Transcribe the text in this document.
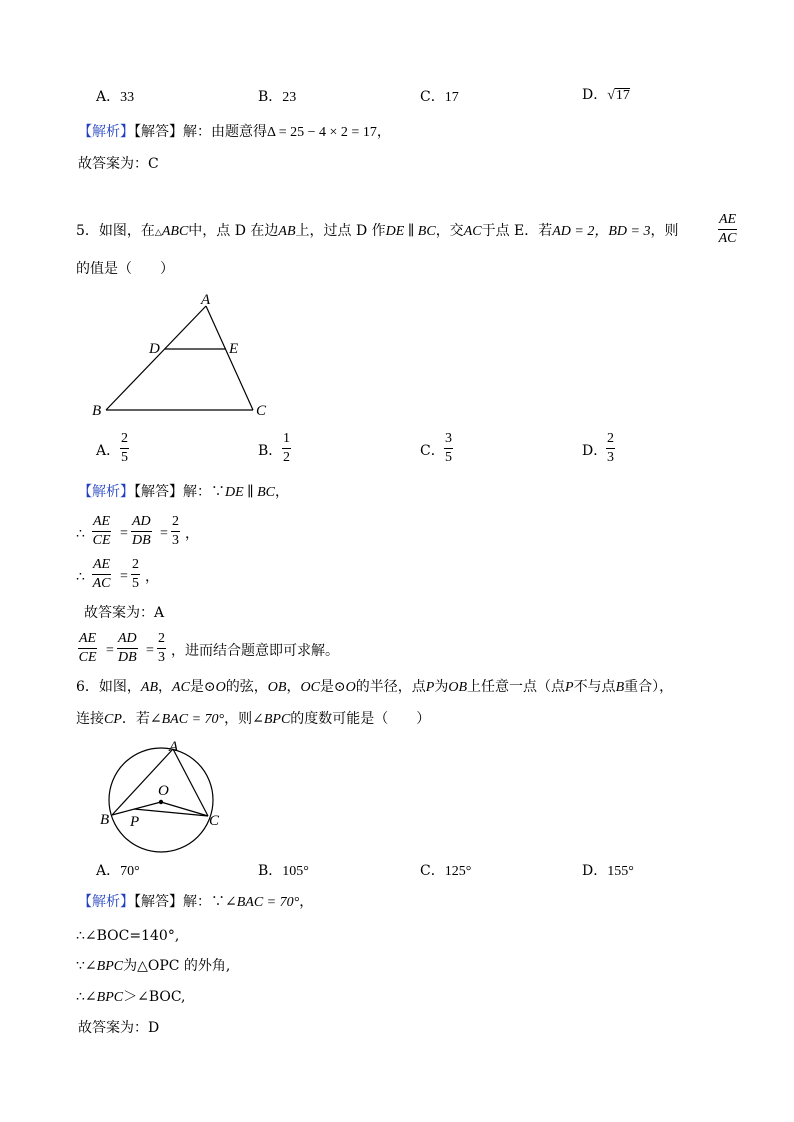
A．33	B．23	C．17	D．√17
【解析】【解答】解：由题意得Δ = 25 − 4 × 2 = 17，
故答案为：C
5．如图，在△ABC中，点 D 在边AB上，过点 D 作DE ∥ BC，交AC于点 E．若AD = 2，BD = 3，则	$\frac{AE}{AC}$
的值是（　　）
A
D	E
B	C
A． $\frac{2}{5}$	B． $\frac{1}{2}$	C． $\frac{3}{5}$	D．
$\frac{2}{3}$
【解析】【解答】解：∵DE ∥ BC，
∴ $\frac{AE}{CE} = \frac{AD}{DB} = \frac{2}{3}$ ，
∴ $\frac{AE}{AC} = \frac{2}{5}$ ，
故答案为：A
$\frac{AE}{CE} = \frac{AD}{DB} = \frac{2}{3}$ ，进而结合题意即可求解。
6．如图，AB，AC是⊙O的弦，OB，OC是⊙O的半径，点P为OB上任意一点（点P不与点B重合），
连接CP．若∠BAC = 70°，则∠BPC的度数可能是（　　）
A
O
B P	C
A．70°	B．105°	C．125°	D．155°
【解析】【解答】解：∵∠BAC = 70°，
∴∠BOC=140°,
∵∠BPC为△OPC 的外角,
∴∠BPC＞∠BOC,
故答案为：D
